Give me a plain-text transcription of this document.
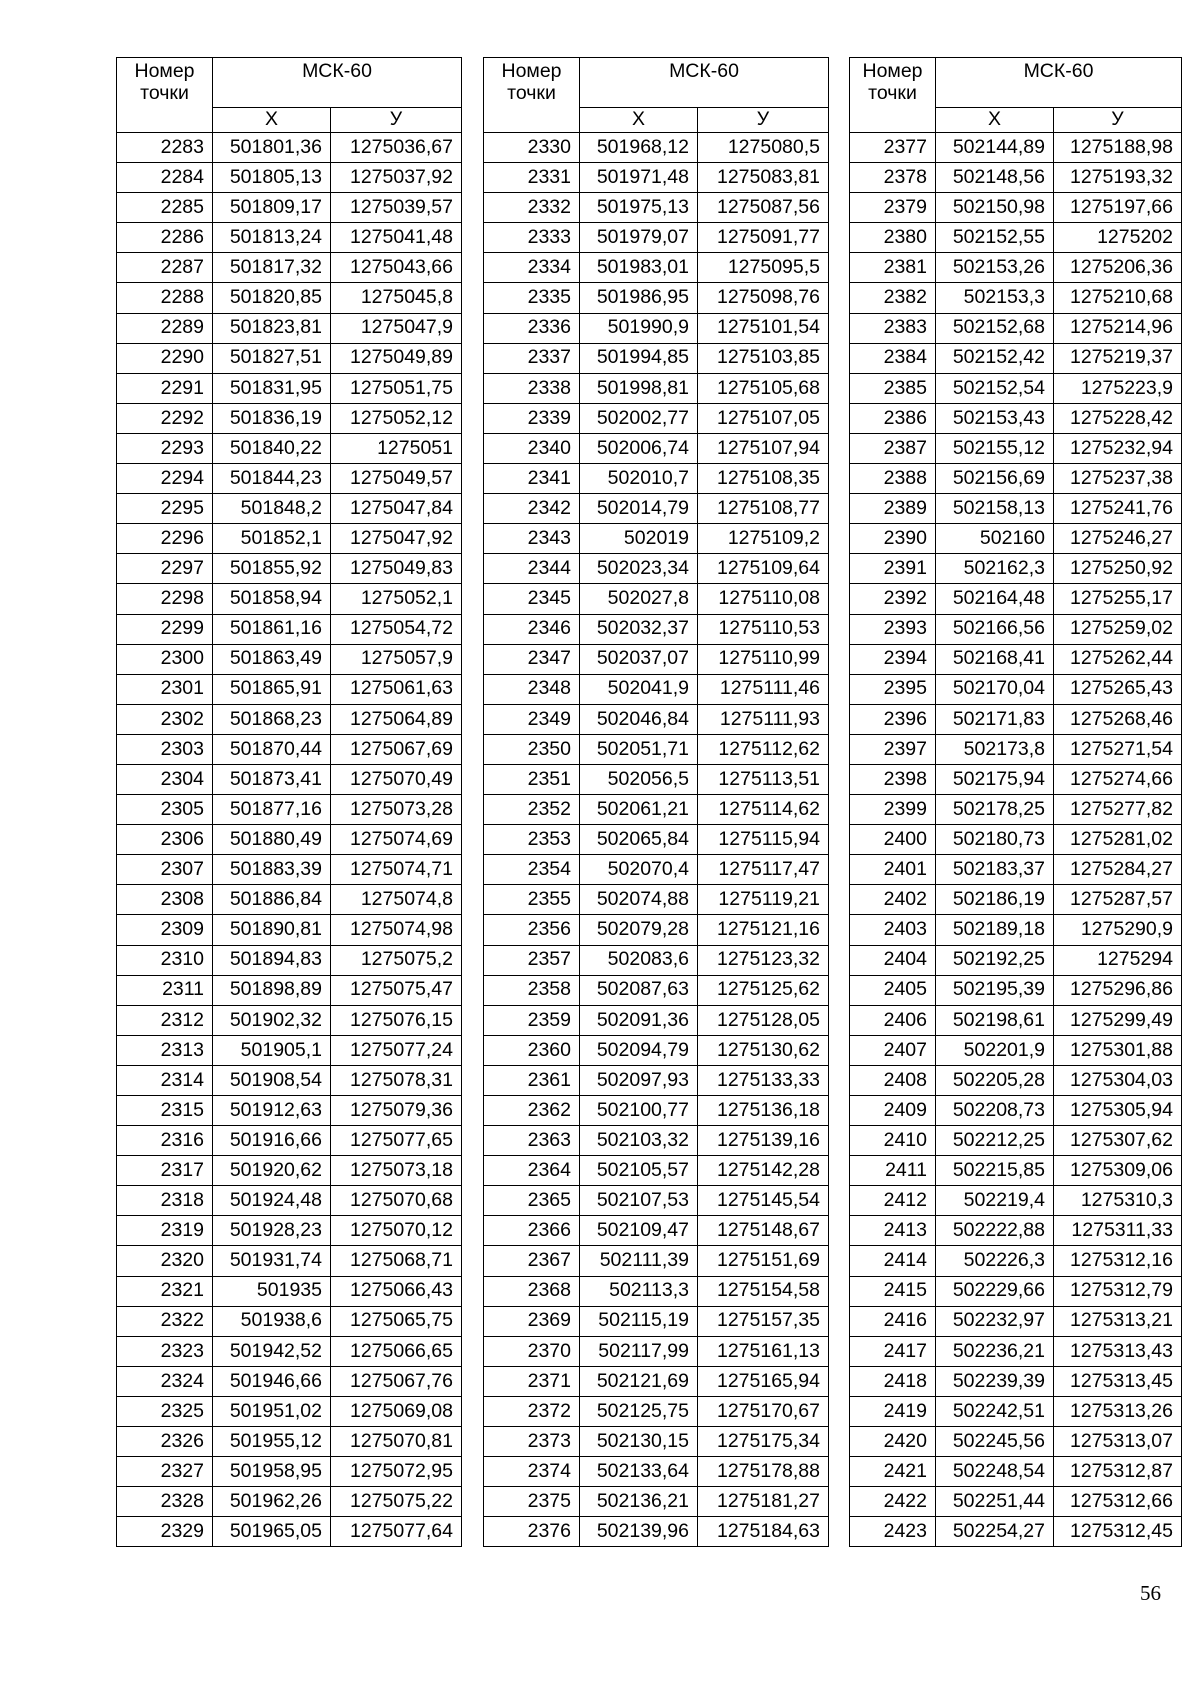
Номер точки	МСК-60	
	X	У
2283	501801,36	1275036,67
2284	501805,13	1275037,92
2285	501809,17	1275039,57
2286	501813,24	1275041,48
2287	501817,32	1275043,66
2288	501820,85	1275045,8
2289	501823,81	1275047,9
2290	501827,51	1275049,89
2291	501831,95	1275051,75
2292	501836,19	1275052,12
2293	501840,22	1275051
2294	501844,23	1275049,57
2295	501848,2	1275047,84
2296	501852,1	1275047,92
2297	501855,92	1275049,83
2298	501858,94	1275052,1
2299	501861,16	1275054,72
2300	501863,49	1275057,9
2301	501865,91	1275061,63
2302	501868,23	1275064,89
2303	501870,44	1275067,69
2304	501873,41	1275070,49
2305	501877,16	1275073,28
2306	501880,49	1275074,69
2307	501883,39	1275074,71
2308	501886,84	1275074,8
2309	501890,81	1275074,98
2310	501894,83	1275075,2
2311	501898,89	1275075,47
2312	501902,32	1275076,15
2313	501905,1	1275077,24
2314	501908,54	1275078,31
2315	501912,63	1275079,36
2316	501916,66	1275077,65
2317	501920,62	1275073,18
2318	501924,48	1275070,68
2319	501928,23	1275070,12
2320	501931,74	1275068,71
2321	501935	1275066,43
2322	501938,6	1275065,75
2323	501942,52	1275066,65
2324	501946,66	1275067,76
2325	501951,02	1275069,08
2326	501955,12	1275070,81
2327	501958,95	1275072,95
2328	501962,26	1275075,22
2329	501965,05	1275077,64
Номер точки	МСК-60	
	X	У
2330	501968,12	1275080,5
2331	501971,48	1275083,81
2332	501975,13	1275087,56
2333	501979,07	1275091,77
2334	501983,01	1275095,5
2335	501986,95	1275098,76
2336	501990,9	1275101,54
2337	501994,85	1275103,85
2338	501998,81	1275105,68
2339	502002,77	1275107,05
2340	502006,74	1275107,94
2341	502010,7	1275108,35
2342	502014,79	1275108,77
2343	502019	1275109,2
2344	502023,34	1275109,64
2345	502027,8	1275110,08
2346	502032,37	1275110,53
2347	502037,07	1275110,99
2348	502041,9	1275111,46
2349	502046,84	1275111,93
2350	502051,71	1275112,62
2351	502056,5	1275113,51
2352	502061,21	1275114,62
2353	502065,84	1275115,94
2354	502070,4	1275117,47
2355	502074,88	1275119,21
2356	502079,28	1275121,16
2357	502083,6	1275123,32
2358	502087,63	1275125,62
2359	502091,36	1275128,05
2360	502094,79	1275130,62
2361	502097,93	1275133,33
2362	502100,77	1275136,18
2363	502103,32	1275139,16
2364	502105,57	1275142,28
2365	502107,53	1275145,54
2366	502109,47	1275148,67
2367	502111,39	1275151,69
2368	502113,3	1275154,58
2369	502115,19	1275157,35
2370	502117,99	1275161,13
2371	502121,69	1275165,94
2372	502125,75	1275170,67
2373	502130,15	1275175,34
2374	502133,64	1275178,88
2375	502136,21	1275181,27
2376	502139,96	1275184,63
Номер точки	МСК-60	
	X	У
2377	502144,89	1275188,98
2378	502148,56	1275193,32
2379	502150,98	1275197,66
2380	502152,55	1275202
2381	502153,26	1275206,36
2382	502153,3	1275210,68
2383	502152,68	1275214,96
2384	502152,42	1275219,37
2385	502152,54	1275223,9
2386	502153,43	1275228,42
2387	502155,12	1275232,94
2388	502156,69	1275237,38
2389	502158,13	1275241,76
2390	502160	1275246,27
2391	502162,3	1275250,92
2392	502164,48	1275255,17
2393	502166,56	1275259,02
2394	502168,41	1275262,44
2395	502170,04	1275265,43
2396	502171,83	1275268,46
2397	502173,8	1275271,54
2398	502175,94	1275274,66
2399	502178,25	1275277,82
2400	502180,73	1275281,02
2401	502183,37	1275284,27
2402	502186,19	1275287,57
2403	502189,18	1275290,9
2404	502192,25	1275294
2405	502195,39	1275296,86
2406	502198,61	1275299,49
2407	502201,9	1275301,88
2408	502205,28	1275304,03
2409	502208,73	1275305,94
2410	502212,25	1275307,62
2411	502215,85	1275309,06
2412	502219,4	1275310,3
2413	502222,88	1275311,33
2414	502226,3	1275312,16
2415	502229,66	1275312,79
2416	502232,97	1275313,21
2417	502236,21	1275313,43
2418	502239,39	1275313,45
2419	502242,51	1275313,26
2420	502245,56	1275313,07
2421	502248,54	1275312,87
2422	502251,44	1275312,66
2423	502254,27	1275312,45
56
